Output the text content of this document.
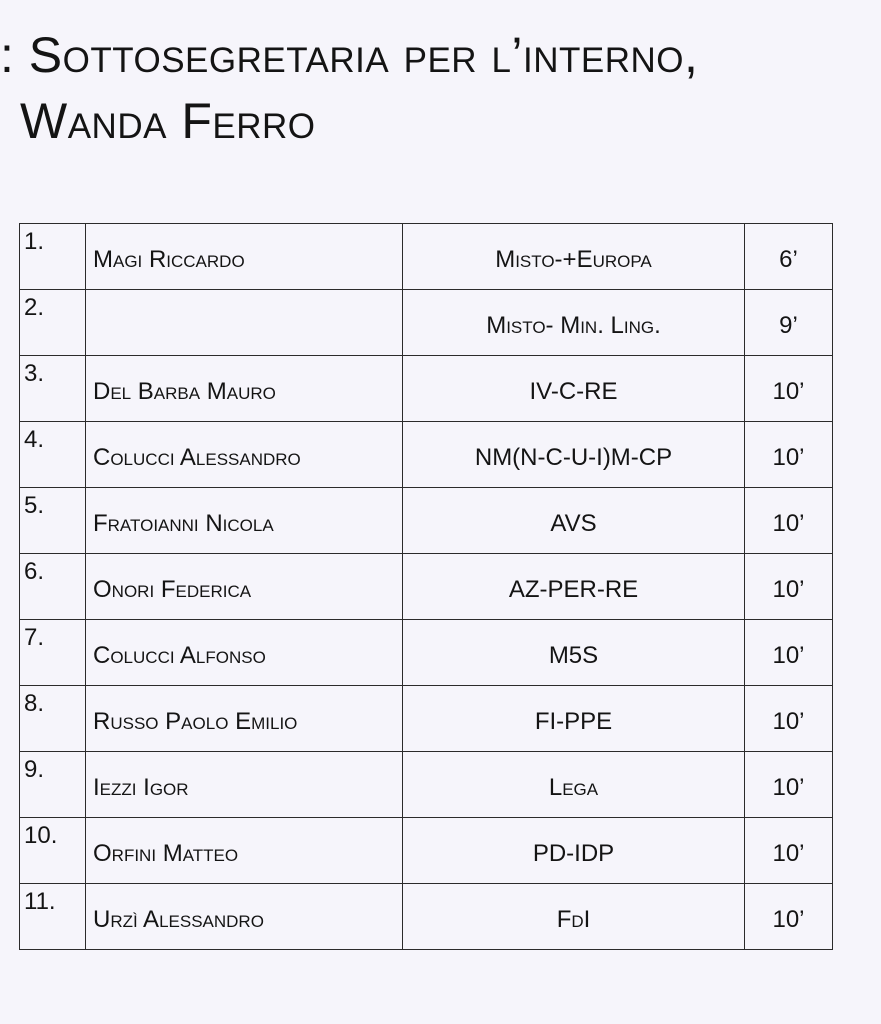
: Sottosegretaria per l’interno,
Wanda Ferro
1.	Magi Riccardo	Misto-+Europa	6’
2.		Misto- Min. Ling.	9’
3.	Del Barba Mauro	IV-C-RE	10’
4.	Colucci Alessandro	NM(N-C-U-I)M-CP	10’
5.	Fratoianni Nicola	AVS	10’
6.	Onori Federica	AZ-PER-RE	10’
7.	Colucci Alfonso	M5S	10’
8.	Russo Paolo Emilio	FI-PPE	10’
9.	Iezzi Igor	Lega	10’
10.	Orfini Matteo	PD-IDP	10’
11.	Urzì Alessandro	FdI	10’
